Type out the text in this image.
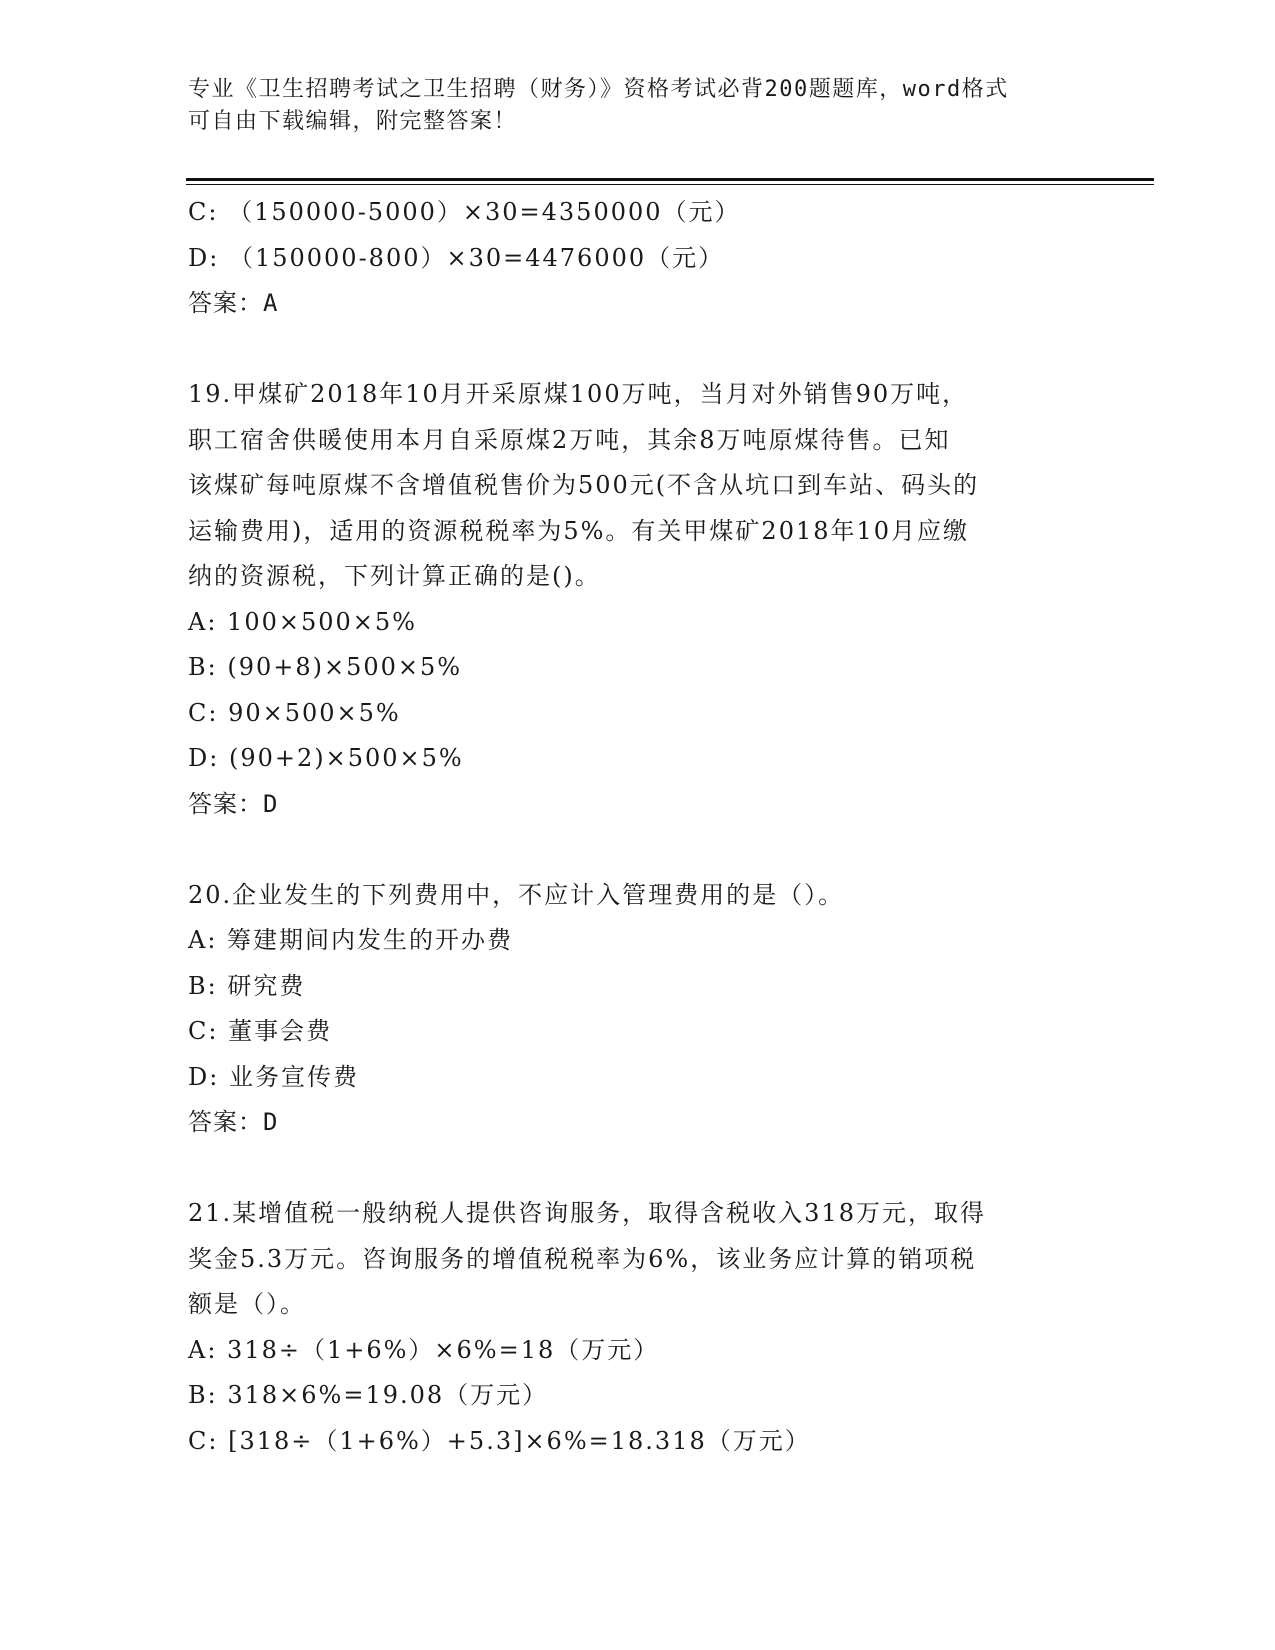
专业《卫生招聘考试之卫生招聘（财务）》资格考试必背200题题库，word格式
可自由下载编辑，附完整答案！
C: （150000-5000）×30=4350000（元）
D: （150000-800）×30=4476000（元）
答案：A
19.甲煤矿2018年10月开采原煤100万吨，当月对外销售90万吨，
职工宿舍供暖使用本月自采原煤2万吨，其余8万吨原煤待售。已知
该煤矿每吨原煤不含增值税售价为500元(不含从坑口到车站、码头的
运输费用)，适用的资源税税率为5%。有关甲煤矿2018年10月应缴
纳的资源税，下列计算正确的是()。
A: 100×500×5%
B: (90+8)×500×5%
C: 90×500×5%
D: (90+2)×500×5%
答案：D
20.企业发生的下列费用中，不应计入管理费用的是（）。
A: 筹建期间内发生的开办费
B: 研究费
C: 董事会费
D: 业务宣传费
答案：D
21.某增值税一般纳税人提供咨询服务，取得含税收入318万元，取得
奖金5.3万元。咨询服务的增值税税率为6%，该业务应计算的销项税
额是（）。
A: 318÷（1+6%）×6%=18（万元）
B: 318×6%=19.08（万元）
C: [318÷（1+6%）+5.3]×6%=18.318（万元）
